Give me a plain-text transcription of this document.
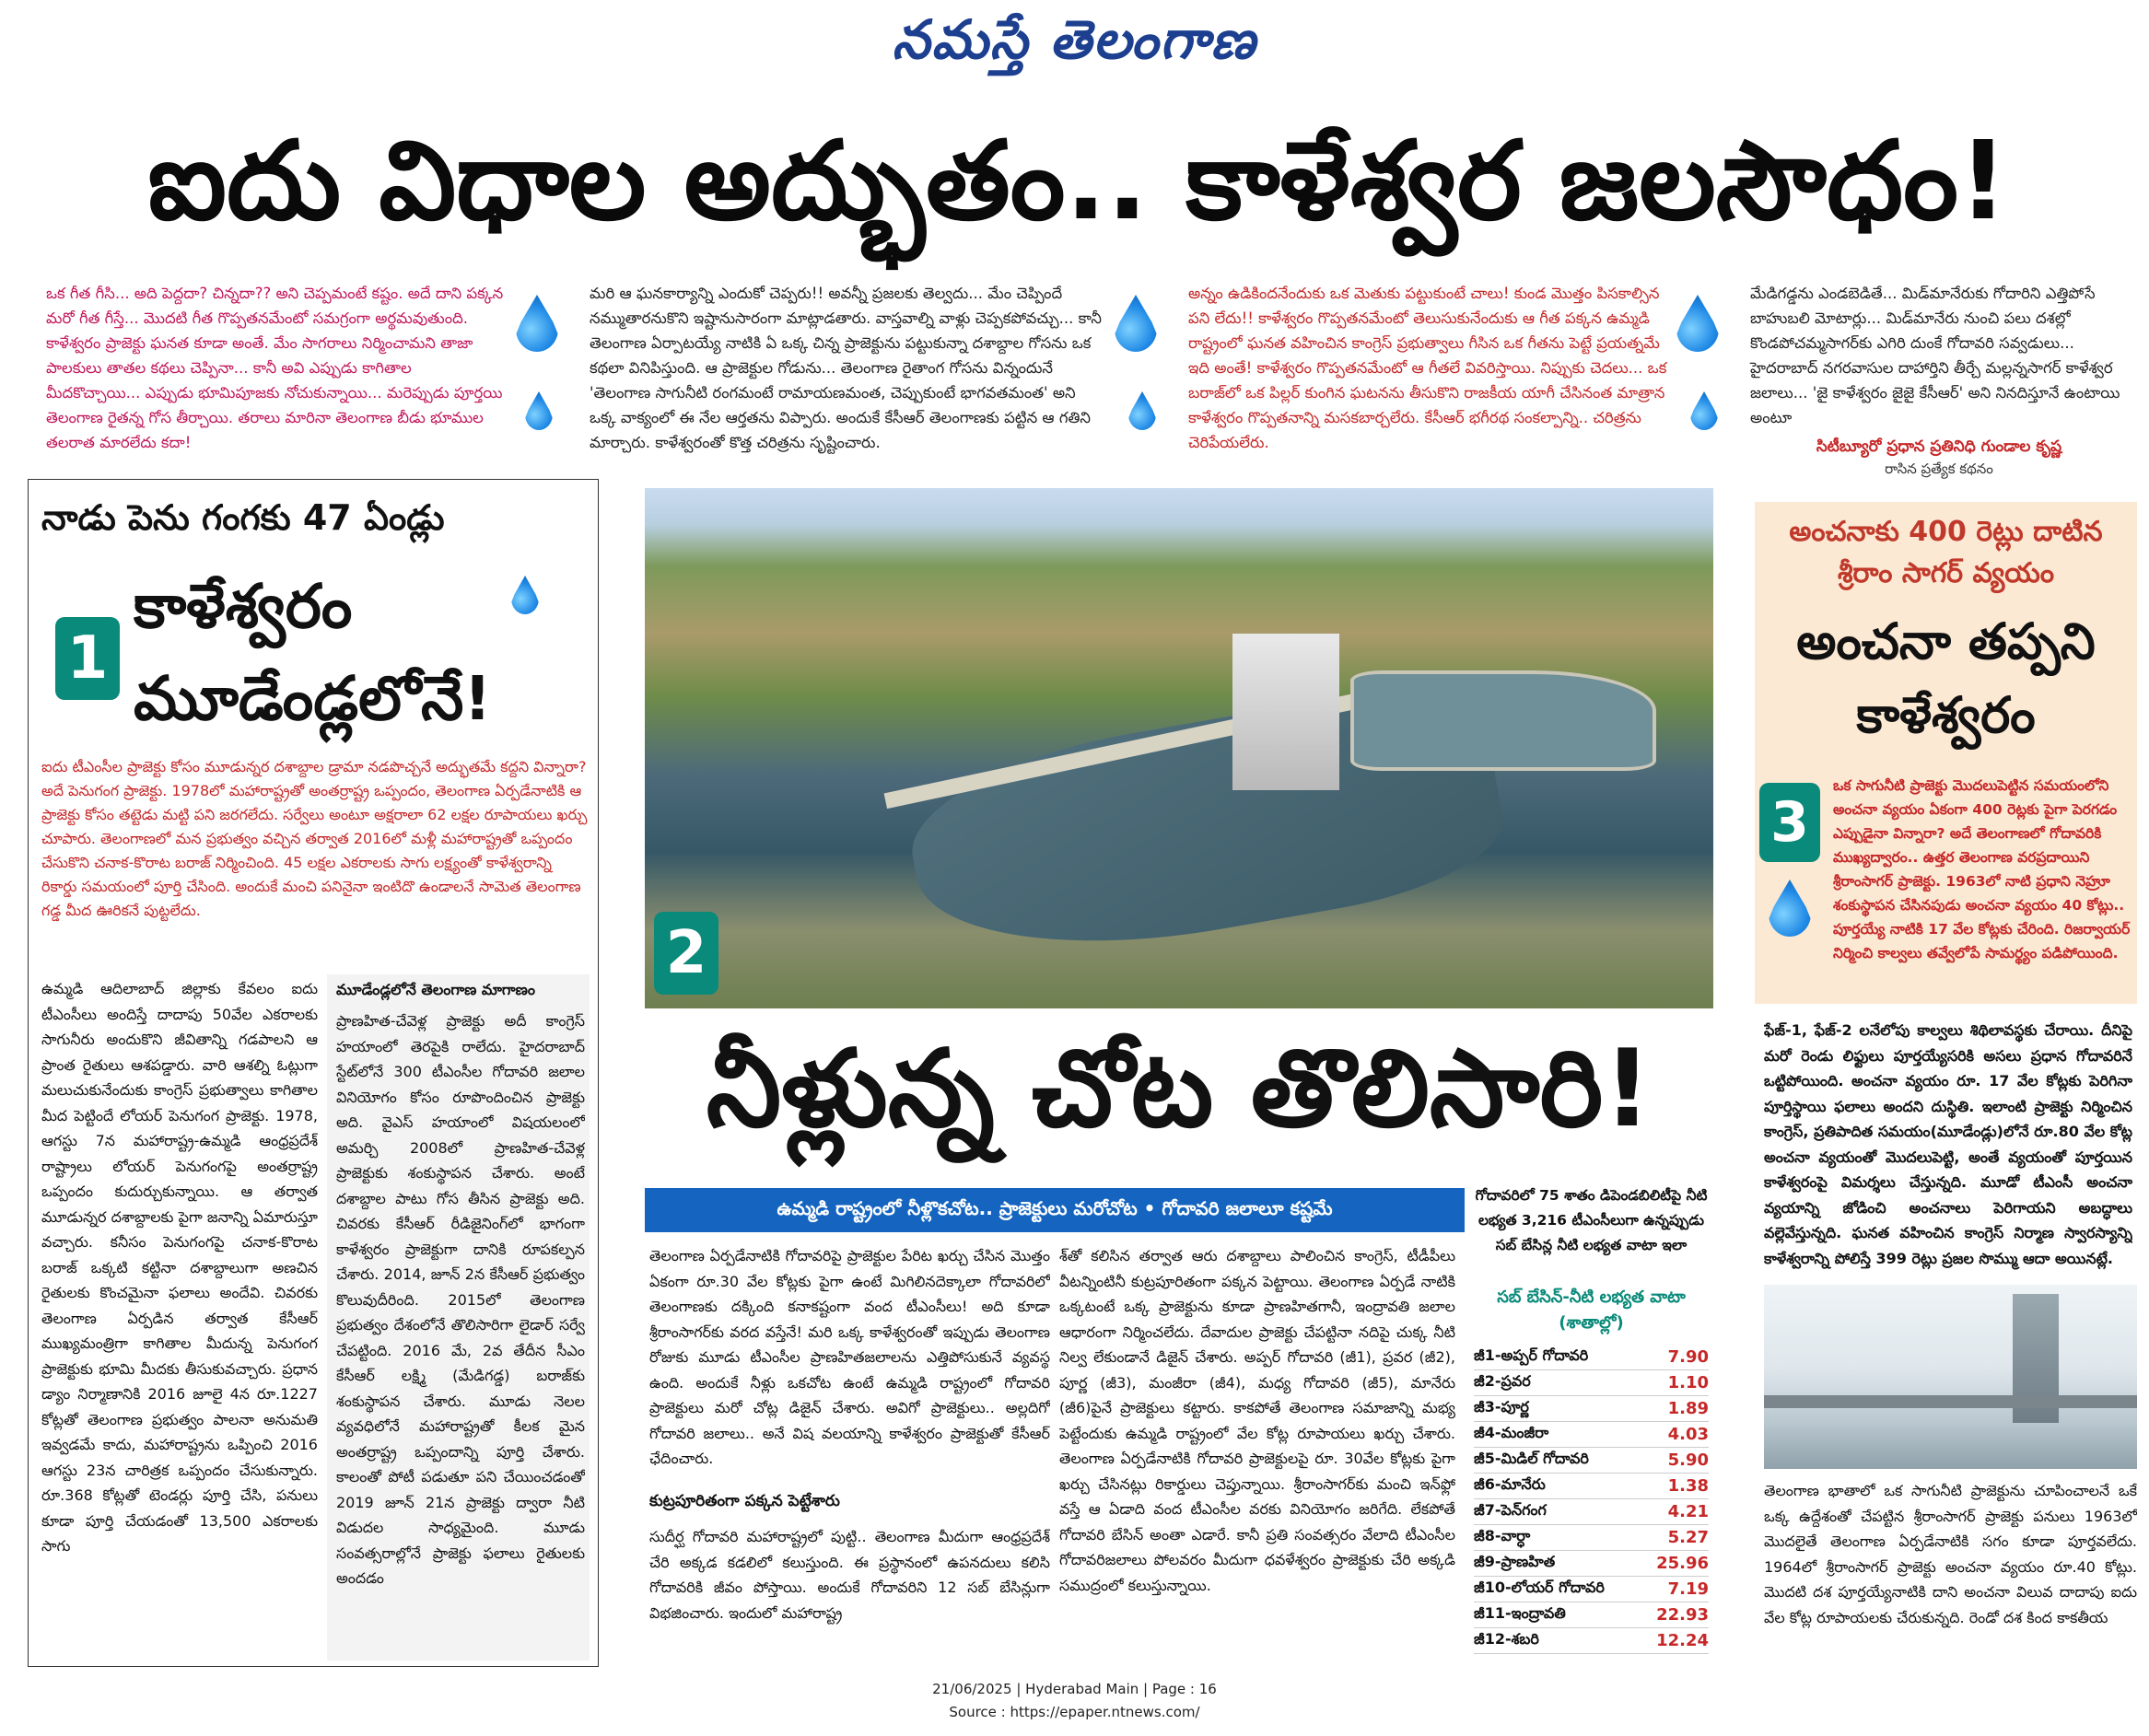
నమస్తే తెలంగాణ
ఐదు విధాల అద్భుతం.. కాళేశ్వర జలసౌధం!
ఒక గీత గీసి... అది పెద్దదా? చిన్నదా?? అని చెప్పమంటే కష్టం. అదే దాని పక్కన మరో గీత గీస్తే... మొదటి గీత గొప్పతనమేంటో సమగ్రంగా అర్థమవుతుంది. కాళేశ్వరం ప్రాజెక్టు ఘనత కూడా అంతే. మేం సాగరాలు నిర్మించామని తాజా పాలకులు తాతల కథలు చెప్పినా... కానీ అవి ఎప్పుడు కాగితాల మీదకొచ్చాయి... ఎప్పుడు భూమిపూజకు నోచుకున్నాయి... మరెప్పుడు పూర్తయి తెలంగాణ రైతన్న గోస తీర్చాయి. తరాలు మారినా తెలంగాణ బీడు భూముల తలరాత మారలేదు కదా!
మరి ఆ ఘనకార్యాన్ని ఎందుకో చెప్పరు!! అవన్నీ ప్రజలకు తెల్వదు... మేం చెప్పిందే నమ్ముతారనుకొని ఇష్టానుసారంగా మాట్లాడతారు. వాస్తవాల్ని వాళ్లు చెప్పకపోవచ్చు... కానీ తెలంగాణ ఏర్పాటయ్యే నాటికి ఏ ఒక్క చిన్న ప్రాజెక్టును పట్టుకున్నా దశాబ్దాల గోసను ఒక కథలా వినిపిస్తుంది. ఆ ప్రాజెక్టుల గోడును... తెలంగాణ రైతాంగ గోసను విన్నందునే 'తెలంగాణ సాగునీటి రంగమంటే రామాయణమంత, చెప్పుకుంటే భాగవతమంత' అని ఒక్క వాక్యంలో ఈ నేల ఆర్తతను విప్పారు. అందుకే కేసీఆర్ తెలంగాణకు పట్టిన ఆ గతిని మార్చారు. కాళేశ్వరంతో కొత్త చరిత్రను సృష్టించారు.
అన్నం ఉడికిందనేందుకు ఒక మెతుకు పట్టుకుంటే చాలు! కుండ మొత్తం పిసకాల్సిన పని లేదు!! కాళేశ్వరం గొప్పతనమేంటో తెలుసుకునేందుకు ఆ గీత పక్కన ఉమ్మడి రాష్ట్రంలో ఘనత వహించిన కాంగ్రెస్ ప్రభుత్వాలు గీసిన ఒక గీతను పెట్టే ప్రయత్నమే ఇది అంతే! కాళేశ్వరం గొప్పతనమేంటో ఆ గీతలే వివరిస్తాయి. నిప్పుకు చెదలు... ఒక బరాజ్‌లో ఒక పిల్లర్ కుంగిన ఘటనను తీసుకొని రాజకీయ యాగీ చేసినంత మాత్రాన కాళేశ్వరం గొప్పతనాన్ని మసకబార్చలేరు. కేసీఆర్ భగీరథ సంకల్పాన్ని.. చరిత్రను చెరిపేయలేరు.
మేడిగడ్డను ఎండబెడితే... మిడ్‌మానేరుకు గోదారిని ఎత్తిపోసే బాహుబలి మోటార్లు... మిడ్‌మానేరు నుంచి పలు దశల్లో కొండపోచమ్మసాగర్‌కు ఎగిరి దుంకే గోదావరి సవ్వడులు... హైదరాబాద్ నగరవాసుల దాహార్తిని తీర్చే మల్లన్నసాగర్ కాళేశ్వర జలాలు... 'జై కాళేశ్వరం జైజై కేసీఆర్' అని నినదిస్తూనే ఉంటాయి అంటూ
సిటీబ్యూరో ప్రధాన ప్రతినిధి గుండాల కృష్ణ
రాసిన ప్రత్యేక కథనం
నాడు పెను గంగకు 47 ఏండ్లు
1
కాళేశ్వరం
మూడేండ్లలోనే!
ఐదు టీఎంసీల ప్రాజెక్టు కోసం మూడున్నర దశాబ్దాల డ్రామా నడపొచ్చనే అద్భుతమే కద్దని విన్నారా? అదే పెనుగంగ ప్రాజెక్టు. 1978లో మహారాష్ట్రతో అంతర్రాష్ట్ర ఒప్పందం, తెలంగాణ ఏర్పడేనాటికి ఆ ప్రాజెక్టు కోసం తట్టెడు మట్టి పని జరగలేదు. సర్వేలు అంటూ అక్షరాలా 62 లక్షల రూపాయలు ఖర్చు చూపారు. తెలంగాణలో మన ప్రభుత్వం వచ్చిన తర్వాత 2016లో మళ్లీ మహారాష్ట్రతో ఒప్పందం చేసుకొని చనాక-కొరాట బరాజ్ నిర్మించింది. 45 లక్షల ఎకరాలకు సాగు లక్ష్యంతో కాళేశ్వరాన్ని రికార్డు సమయంలో పూర్తి చేసింది. అందుకే మంచి పనినైనా ఇంటిదొ ఉండాలనే సామెత తెలంగాణ గడ్డ మీద ఊరికనే పుట్టలేదు.
ఉమ్మడి ఆదిలాబాద్ జిల్లాకు కేవలం ఐదు టీఎంసీలు అందిస్తే దాదాపు 50వేల ఎకరాలకు సాగునీరు అందుకొని జీవితాన్ని గడపాలని ఆ ప్రాంత రైతులు ఆశపడ్డారు. వారి ఆశల్ని ఓట్లుగా మలుచుకునేందుకు కాంగ్రెస్ ప్రభుత్వాలు కాగితాల మీద పెట్టిందే లోయర్ పెనుగంగ ప్రాజెక్టు. 1978, ఆగస్టు 7న మహారాష్ట్ర-ఉమ్మడి ఆంధ్రప్రదేశ్ రాష్ట్రాలు లోయర్ పెనుగంగపై అంతర్రాష్ట్ర ఒప్పందం కుదుర్చుకున్నాయి. ఆ తర్వాత మూడున్నర దశాబ్దాలకు పైగా జనాన్ని ఏమారుస్తూ వచ్చారు. కనీసం పెనుగంగపై చనాక-కొరాట బరాజ్ ఒక్కటి కట్టినా దశాబ్దాలుగా అణచిన రైతులకు కొంచమైనా ఫలాలు అందేవి. చివరకు తెలంగాణ ఏర్పడిన తర్వాత కేసీఆర్ ముఖ్యమంత్రిగా కాగితాల మీదున్న పెనుగంగ ప్రాజెక్టుకు భూమి మీదకు తీసుకువచ్చారు. ప్రధాన డ్యాం నిర్మాణానికి 2016 జూలై 4న రూ.1227 కోట్లతో తెలంగాణ ప్రభుత్వం పాలనా అనుమతి ఇవ్వడమే కాదు, మహారాష్ట్రను ఒప్పించి 2016 ఆగస్టు 23న చారిత్రక ఒప్పందం చేసుకున్నారు. రూ.368 కోట్లతో టెండర్లు పూర్తి చేసి, పనులు కూడా పూర్తి చేయడంతో 13,500 ఎకరాలకు సాగు
మూడేండ్లలోనే తెలంగాణ మాగాణం
ప్రాణహిత-చేవెళ్ల ప్రాజెక్టు అదీ కాంగ్రెస్ హయాంలో తెరపైకి రాలేదు. హైదరాబాద్ స్టేట్‌లోనే 300 టీఎంసీల గోదావరి జలాల వినియోగం కోసం రూపొందించిన ప్రాజెక్టు అది. వైఎస్ హయాంలో విషయలంలో అమర్చి 2008లో ప్రాణహిత-చేవెళ్ల ప్రాజెక్టుకు శంకుస్థాపన చేశారు. అంటే దశాబ్దాల పాటు గోస తీసిన ప్రాజెక్టు అది. చివరకు కేసీఆర్ రీడిజైనింగ్‌లో భాగంగా కాళేశ్వరం ప్రాజెక్టుగా దానికి రూపకల్పన చేశారు. 2014, జూన్ 2న కేసీఆర్ ప్రభుత్వం కొలువుదీరింది. 2015లో తెలంగాణ ప్రభుత్వం దేశంలోనే తొలిసారిగా లైడార్ సర్వే చేపట్టింది. 2016 మే, 2వ తేదీన సీఎం కేసీఆర్ లక్ష్మి (మేడిగడ్డ) బరాజ్‌కు శంకుస్థాపన చేశారు. మూడు నెలల వ్యవధిలోనే మహారాష్ట్రతో కీలక మైన అంతర్రాష్ట్ర ఒప్పందాన్ని పూర్తి చేశారు. కాలంతో పోటీ పడుతూ పని చేయించడంతో 2019 జూన్ 21న ప్రాజెక్టు ద్వారా నీటి విడుదల సాధ్యమైంది. మూడు సంవత్సరాల్లోనే ప్రాజెక్టు ఫలాలు రైతులకు అందడం
2
నీళ్లున్న చోట తొలిసారి!
ఉమ్మడి రాష్ట్రంలో నీళ్లొకచోట.. ప్రాజెక్టులు మరోచోట • గోదావరి జలాలూ కష్టమే
తెలంగాణ ఏర్పడేనాటికి గోదావరిపై ప్రాజెక్టుల పేరిట ఖర్చు చేసిన మొత్తం ఏకంగా రూ.30 వేల కోట్లకు పైగా ఉంటే మిగిలినదెక్కాలా గోదావరిలో తెలంగాణకు దక్కింది కనాకష్టంగా వంద టీఎంసీలు! అది కూడా శ్రీరాంసాగర్‌కు వరద వస్తేనే! మరి ఒక్క కాళేశ్వరంతో ఇప్పుడు తెలంగాణ రోజుకు మూడు టీఎంసీల ప్రాణహితజలాలను ఎత్తిపోసుకునే వ్యవస్థ ఉంది. అందుకే నీళ్లు ఒకచోట ఉంటే ఉమ్మడి రాష్ట్రంలో గోదావరి ప్రాజెక్టులు మరో చోట్ల డిజైన్ చేశారు. అవిగో ప్రాజెక్టులు.. అల్లదిగో గోదావరి జలాలు.. అనే విష వలయాన్ని కాళేశ్వరం ప్రాజెక్టుతో కేసీఆర్ ఛేదించారు.
కుట్రపూరితంగా పక్కన పెట్టేశారు
సుదీర్ఘ గోదావరి మహారాష్ట్రలో పుట్టి.. తెలంగాణ మీదుగా ఆంధ్రప్రదేశ్ చేరి అక్కడ కడలిలో కలుస్తుంది. ఈ ప్రస్థానంలో ఉపనదులు కలిసి గోదావరికి జీవం పోస్తాయి. అందుకే గోదావరిని 12 సబ్ బేసిన్లుగా విభజించారు. ఇందులో మహారాష్ట్ర
శ్‌తో కలిసిన తర్వాత ఆరు దశాబ్దాలు పాలించిన కాంగ్రెస్, టీడీపీలు వీటన్నింటినీ కుట్రపూరితంగా పక్కన పెట్టాయి. తెలంగాణ ఏర్పడే నాటికి ఒక్కటంటే ఒక్క ప్రాజెక్టును కూడా ప్రాణహితగానీ, ఇంద్రావతి జలాల ఆధారంగా నిర్మించలేదు. దేవాదుల ప్రాజెక్టు చేపట్టినా నదిపై చుక్క నీటి నిల్వ లేకుండానే డిజైన్ చేశారు. అప్పర్ గోదావరి (జీ1), ప్రవర (జీ2), పూర్ణ (జీ3), మంజీరా (జీ4), మధ్య గోదావరి (జీ5), మానేరు (జీ6)పైనే ప్రాజెక్టులు కట్టారు. కాకపోతే తెలంగాణ సమాజాన్ని మభ్య పెట్టేందుకు ఉమ్మడి రాష్ట్రంలో వేల కోట్ల రూపాయలు ఖర్చు చేశారు. తెలంగాణ ఏర్పడేనాటికి గోదావరి ప్రాజెక్టులపై రూ. 30వేల కోట్లకు పైగా ఖర్చు చేసినట్లు రికార్డులు చెప్తున్నాయి. శ్రీరాంసాగర్‌కు మంచి ఇన్‌ఫ్లో వస్తే ఆ ఏడాది వంద టీఎంసీల వరకు వినియోగం జరిగేది. లేకపోతే గోదావరి బేసిన్ అంతా ఎడారే. కానీ ప్రతి సంవత్సరం వేలాది టీఎంసీల గోదావరిజలాలు పోలవరం మీదుగా ధవళేశ్వరం ప్రాజెక్టుకు చేరి అక్కడి సముద్రంలో కలుస్తున్నాయి.
గోదావరిలో 75 శాతం డిపెండబిలిటీపై నీటి లభ్యత 3,216 టీఎంసీలుగా ఉన్నప్పుడు సబ్ బేసిన్ల నీటి లభ్యత వాటా ఇలా
సబ్ బేసిన్-నీటి లభ్యత వాటా (శాతాల్లో)
జీ1-అప్పర్ గోదావరి	7.90
జీ2-ప్రవర	1.10
జీ3-పూర్ణ	1.89
జీ4-మంజీరా	4.03
జీ5-మిడిల్ గోదావరి	5.90
జీ6-మానేరు	1.38
జీ7-పెన్‌గంగ	4.21
జీ8-వార్ధా	5.27
జీ9-ప్రాణహిత	25.96
జీ10-లోయర్ గోదావరి	7.19
జీ11-ఇంద్రావతి	22.93
జీ12-శబరి	12.24
అంచనాకు 400 రెట్లు దాటిన
శ్రీరాం సాగర్ వ్యయం
అంచనా తప్పని
కాళేశ్వరం
3
ఒక సాగునీటి ప్రాజెక్టు మొదలుపెట్టిన సమయంలోని అంచనా వ్యయం ఏకంగా 400 రెట్లకు పైగా పెరగడం ఎప్పుడైనా విన్నారా? అదే తెలంగాణలో గోదావరికి ముఖ్యద్వారం.. ఉత్తర తెలంగాణ వరప్రదాయిని శ్రీరాంసాగర్ ప్రాజెక్టు. 1963లో నాటి ప్రధాని నెహ్రూ శంకుస్థాపన చేసినపుడు అంచనా వ్యయం 40 కోట్లు.. పూర్తయ్యే నాటికి 17 వేల కోట్లకు చేరింది. రిజర్వాయర్ నిర్మించి కాల్వలు తవ్వేలోపే సామర్థ్యం పడిపోయింది.
ఫేజ్-1, ఫేజ్-2 లనేలోపు కాల్వలు శిథిలావస్థకు చేరాయి. దీనిపై మరో రెండు లిఫ్టులు పూర్తయ్యేసరికి అసలు ప్రధాన గోదావరినే ఒట్టిపోయింది. అంచనా వ్యయం రూ. 17 వేల కోట్లకు పెరిగినా పూర్తిస్థాయి ఫలాలు అందని దుస్థితి. ఇలాంటి ప్రాజెక్టు నిర్మించిన కాంగ్రెస్, ప్రతిపాదిత సమయం(మూడేండ్లు)లోనే రూ.80 వేల కోట్ల అంచనా వ్యయంతో మొదలుపెట్టి, అంతే వ్యయంతో పూర్తయిన కాళేశ్వరంపై విమర్శలు చేస్తున్నది. మూడో టీఎంసీ అంచనా వ్యయాన్ని జోడించి అంచనాలు పెరిగాయని అబద్ధాలు వల్లెవేస్తున్నది. ఘనత వహించిన కాంగ్రెస్ నిర్మాణ స్వారస్యాన్ని కాళేశ్వరాన్ని పోలిస్తే 399 రెట్లు ప్రజల సొమ్ము ఆదా అయినట్లే.
తెలంగాణ భాతాలో ఒక సాగునీటి ప్రాజెక్టును చూపించాలనే ఒకే ఒక్క ఉద్దేశంతో చేపట్టిన శ్రీరాంసాగర్ ప్రాజెక్టు పనులు 1963లో మొదలైతే తెలంగాణ ఏర్పడేనాటికి సగం కూడా పూర్తవలేదు. 1964లో శ్రీరాంసాగర్ ప్రాజెక్టు అంచనా వ్యయం రూ.40 కోట్లు. మొదటి దశ పూర్తయ్యేనాటికి దాని అంచనా విలువ దాదాపు ఐదు వేల కోట్ల రూపాయలకు చేరుకున్నది. రెండో దశ కింద కాకతీయ
21/06/2025 | Hyderabad Main | Page : 16
Source : https://epaper.ntnews.com/
